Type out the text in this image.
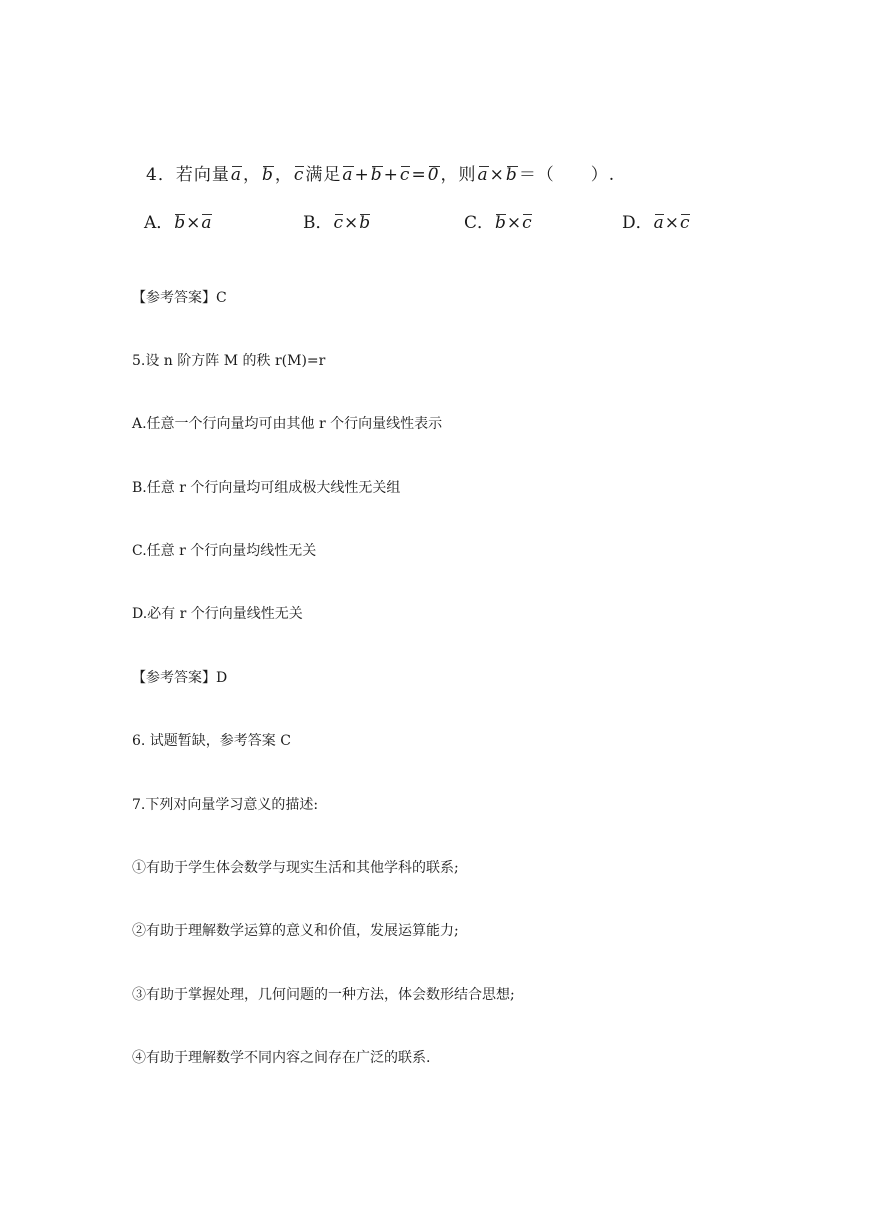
4．若向量a，b，c满足a+b+c=0，则a×b＝（　　）.
A．b×a	B．c×b	C．b×c	D．a×c
【参考答案】C
5.设 n 阶方阵 M 的秩 r(M)=r
A.任意一个行向量均可由其他 r 个行向量线性表示
B.任意 r 个行向量均可组成极大线性无关组
C.任意 r 个行向量均线性无关
D.必有 r 个行向量线性无关
【参考答案】D
6. 试题暂缺，参考答案 C
7.下列对向量学习意义的描述:
①有助于学生体会数学与现实生活和其他学科的联系;
②有助于理解数学运算的意义和价值，发展运算能力;
③有助于掌握处理，几何问题的一种方法，体会数形结合思想;
④有助于理解数学不同内容之间存在广泛的联系.
